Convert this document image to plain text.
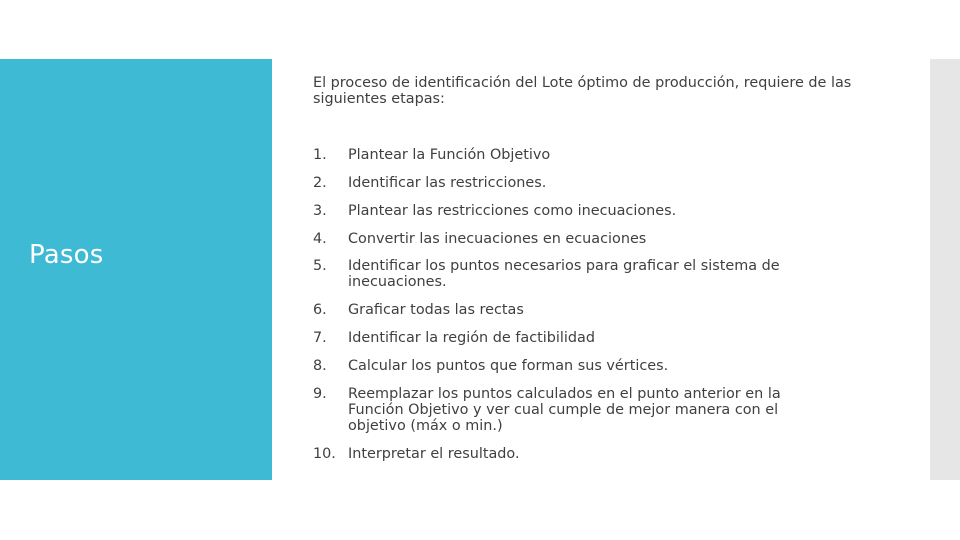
Pasos
El proceso de identificación del Lote óptimo de producción, requiere de las siguientes etapas:
1.	Plantear la Función Objetivo
2.	Identificar las restricciones.
3.	Plantear las restricciones como inecuaciones.
4.	Convertir las inecuaciones en ecuaciones
5.	Identificar los puntos necesarios para graficar el sistema de inecuaciones.
6.	Graficar todas las rectas
7.	Identificar la región de factibilidad
8.	Calcular los puntos que forman sus vértices.
9.	Reemplazar los puntos calculados en el punto anterior en la Función Objetivo y ver cual cumple de mejor manera con el objetivo (máx o min.)
10. Interpretar el resultado.
